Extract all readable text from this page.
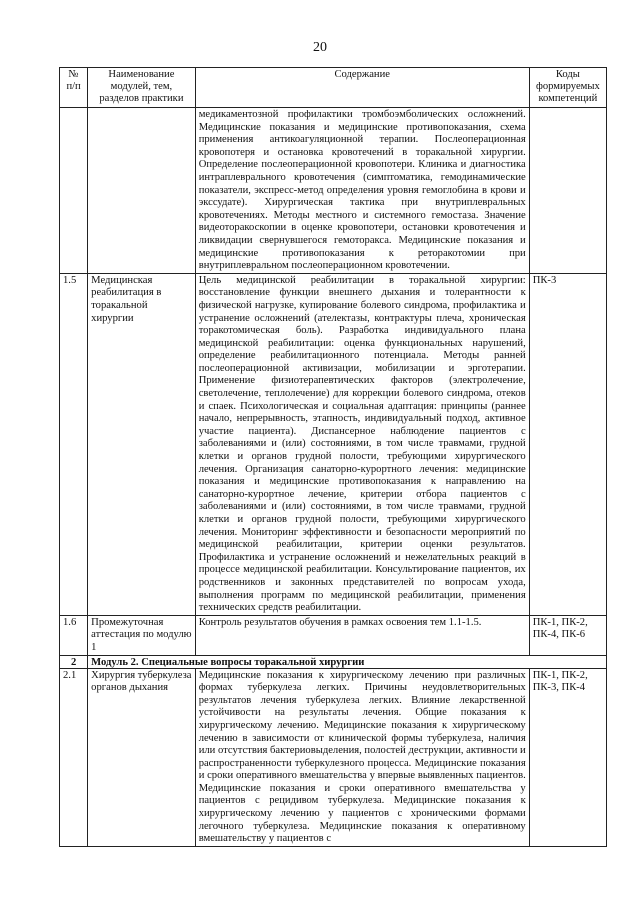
20
№ п/п	Наименование модулей, тем, разделов практики	Содержание	Коды формируемых компетенций
		медикаментозной профилактики тромбоэмболических осложнений. Медицинские показания и медицинские противопоказания, схема применения антикоагуляционной терапии. Послеоперационная кровопотеря и остановка кровотечений в торакальной хирургии. Определение послеоперационной кровопотери. Клиника и диагностика интраплеврального кровотечения (симптоматика, гемодинамические показатели, экспресс-метод определения уровня гемоглобина в крови и экссудате). Хирургическая тактика при внутриплевральных кровотечениях. Методы местного и системного гемостаза. Значение видеоторакоскопии в оценке кровопотери, остановки кровотечения и ликвидации свернувшегося гемоторакса. Медицинские показания и медицинские противопоказания к реторакотомии при внутриплевральном послеоперационном кровотечении.	
1.5	Медицинская реабилитация в торакальной хирургии	Цель медицинской реабилитации в торакальной хирургии: восстановление функции внешнего дыхания и толерантности к физической нагрузке, купирование болевого синдрома, профилактика и устранение осложнений (ателектазы, контрактуры плеча, хроническая торакотомическая боль). Разработка индивидуального плана медицинской реабилитации: оценка функциональных нарушений, определение реабилитационного потенциала. Методы ранней послеоперационной активизации, мобилизации и эрготерапии. Применение физиотерапевтических факторов (электролечение, светолечение, теплолечение) для коррекции болевого синдрома, отеков и спаек. Психологическая и социальная адаптация: принципы (раннее начало, непрерывность, этапность, индивидуальный подход, активное участие пациента). Диспансерное наблюдение пациентов с заболеваниями и (или) состояниями, в том числе травмами, грудной клетки и органов грудной полости, требующими хирургического лечения. Организация санаторно-курортного лечения: медицинские показания и медицинские противопоказания к направлению на санаторно-курортное лечение, критерии отбора пациентов с заболеваниями и (или) состояниями, в том числе травмами, грудной клетки и органов грудной полости, требующими хирургического лечения. Мониторинг эффективности и безопасности мероприятий по медицинской реабилитации, критерии оценки результатов. Профилактика и устранение осложнений и нежелательных реакций в процессе медицинской реабилитации. Консультирование пациентов, их родственников и законных представителей по вопросам ухода, выполнения программ по медицинской реабилитации, применения технических средств реабилитации.	ПК-3
1.6	Промежуточная аттестация по модулю 1	Контроль результатов обучения в рамках освоения тем 1.1-1.5.	ПК-1, ПК-2, ПК-4, ПК-6
2	Модуль 2. Специальные вопросы торакальной хирургии		
2.1	Хирургия туберкулеза органов дыхания	Медицинские показания к хирургическому лечению при различных формах туберкулеза легких. Причины неудовлетворительных результатов лечения туберкулеза легких. Влияние лекарственной устойчивости на результаты лечения. Общие показания к хирургическому лечению. Медицинские показания к хирургическому лечению в зависимости от клинической формы туберкулеза, наличия или отсутствия бактериовыделения, полостей деструкции, активности и распространенности туберкулезного процесса. Медицинские показания и сроки оперативного вмешательства у впервые выявленных пациентов. Медицинские показания и сроки оперативного вмешательства у пациентов с рецидивом туберкулеза. Медицинские показания к хирургическому лечению у пациентов с хроническими формами легочного туберкулеза. Медицинские показания к оперативному вмешательству у пациентов с	ПК-1, ПК-2, ПК-3, ПК-4
